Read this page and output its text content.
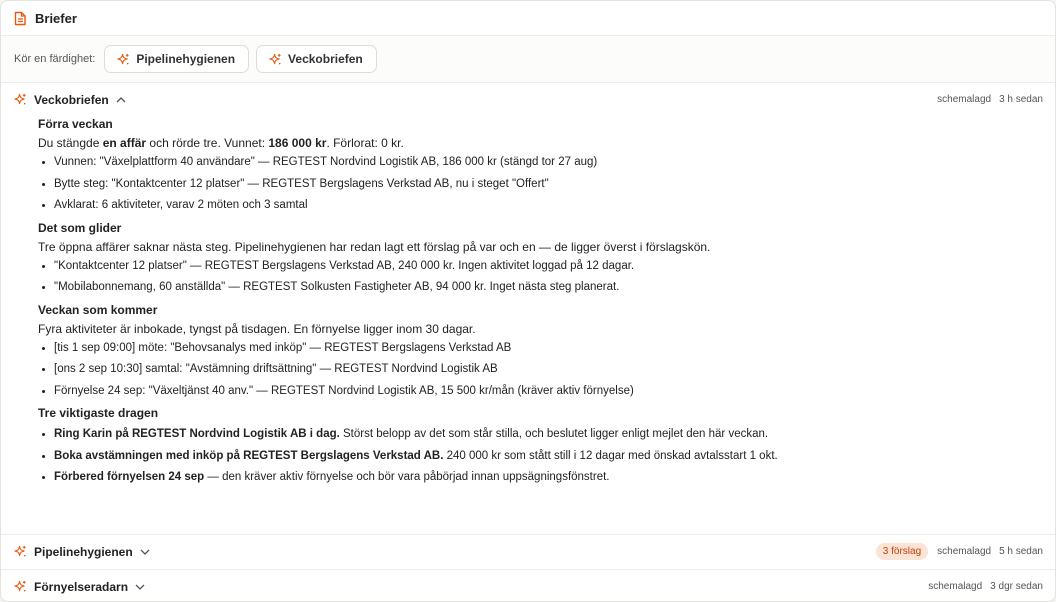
Briefer
Kör en färdighet:	Pipelinehygienen	Veckobriefen
Veckobriefen	schemalagd 3 h sedan
Förra veckan

Du stängde en affär och rörde tre. Vunnet: 186 000 kr. Förlorat: 0 kr.

• Vunnen: "Växelplattform 40 användare" — REGTEST Nordvind Logistik AB, 186 000 kr (stängd tor 27 aug)
• Bytte steg: "Kontaktcenter 12 platser" — REGTEST Bergslagens Verkstad AB, nu i steget "Offert"
• Avklarat: 6 aktiviteter, varav 2 möten och 3 samtal
Det som glider

Tre öppna affärer saknar nästa steg. Pipelinehygienen har redan lagt ett förslag på var och en — de ligger överst i förslagskön.

• "Kontaktcenter 12 platser" — REGTEST Bergslagens Verkstad AB, 240 000 kr. Ingen aktivitet loggad på 12 dagar.
• "Mobilabonnemang, 60 anställda" — REGTEST Solkusten Fastigheter AB, 94 000 kr. Inget nästa steg planerat.
Veckan som kommer

Fyra aktiviteter är inbokade, tyngst på tisdagen. En förnyelse ligger inom 30 dagar.

• [tis 1 sep 09:00] möte: "Behovsanalys med inköp" — REGTEST Bergslagens Verkstad AB
• [ons 2 sep 10:30] samtal: "Avstämning driftsättning" — REGTEST Nordvind Logistik AB
• Förnyelse 24 sep: "Växeltjänst 40 anv." — REGTEST Nordvind Logistik AB, 15 500 kr/mån (kräver aktiv förnyelse)
Tre viktigaste dragen
• Ring Karin på REGTEST Nordvind Logistik AB i dag. Störst belopp av det som står stilla, och beslutet ligger enligt mejlet den här veckan.
• Boka avstämningen med inköp på REGTEST Bergslagens Verkstad AB. 240 000 kr som stått still i 12 dagar med önskad avtalsstart 1 okt.
• Förbered förnyelsen 24 sep — den kräver aktiv förnyelse och bör vara påbörjad innan uppsägningsfönstret.
Pipelinehygienen	3 förslag	schemalagd 5 h sedan
Förnyelseradarn	schemalagd 3 dgr sedan
